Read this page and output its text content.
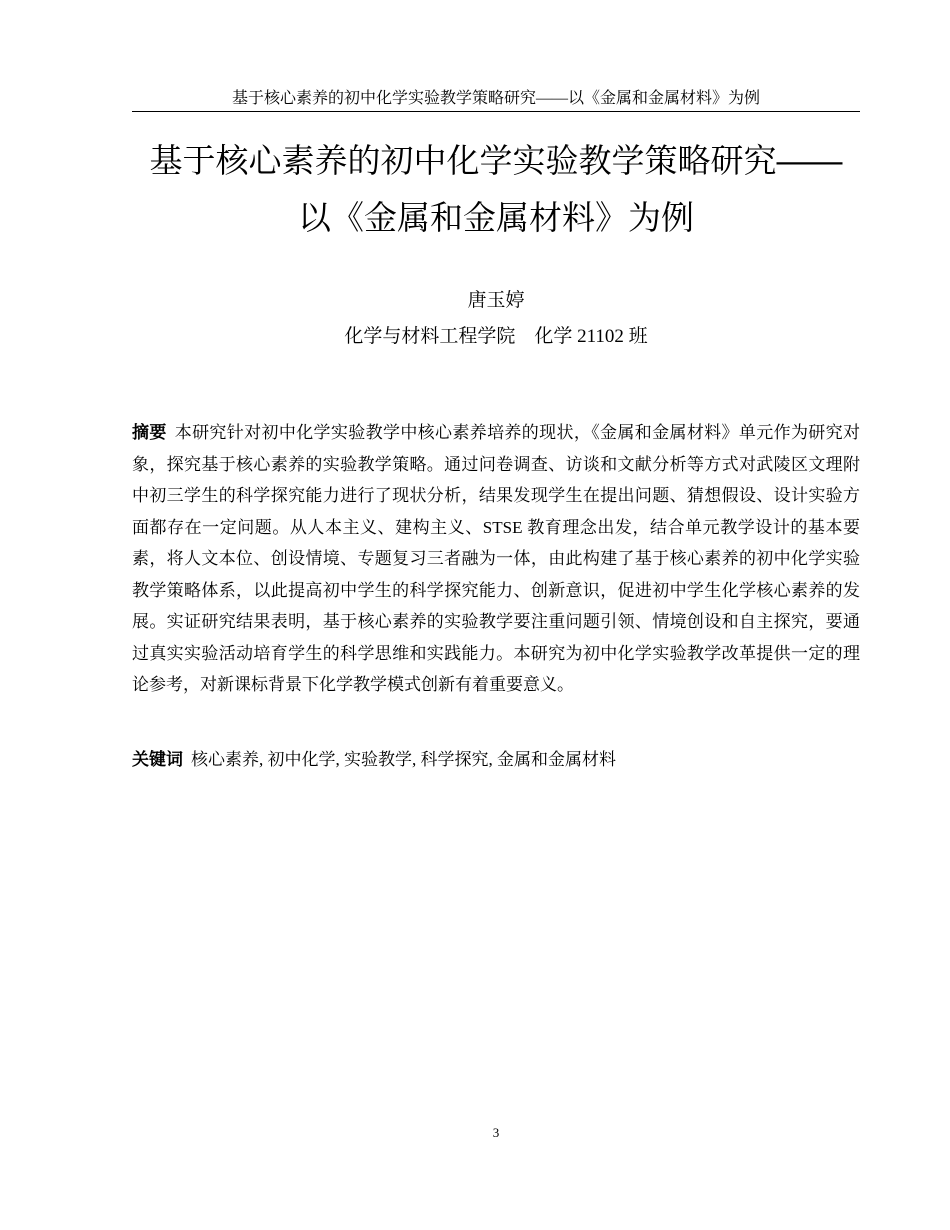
基于核心素养的初中化学实验教学策略研究——以《金属和金属材料》为例
基于核心素养的初中化学实验教学策略研究——
以《金属和金属材料》为例
唐玉婷
化学与材料工程学院    化学 21102 班

摘要 本研究针对初中化学实验教学中核心素养培养的现状，《金属和金属材料》单元作为研究对象，探究基于核心素养的实验教学策略。通过问卷调查、访谈和文献分析等方式对武陵区文理附中初三学生的科学探究能力进行了现状分析，结果发现学生在提出问题、猜想假设、设计实验方面都存在一定问题。从人本主义、建构主义、STSE 教育理念出发，结合单元教学设计的基本要素，将人文本位、创设情境、专题复习三者融为一体，由此构建了基于核心素养的初中化学实验教学策略体系，以此提高初中学生的科学探究能力、创新意识，促进初中学生化学核心素养的发展。实证研究结果表明，基于核心素养的实验教学要注重问题引领、情境创设和自主探究，要通过真实实验活动培育学生的科学思维和实践能力。本研究为初中化学实验教学改革提供一定的理论参考，对新课标背景下化学教学模式创新有着重要意义。

关键词 核心素养, 初中化学, 实验教学, 科学探究, 金属和金属材料

3
